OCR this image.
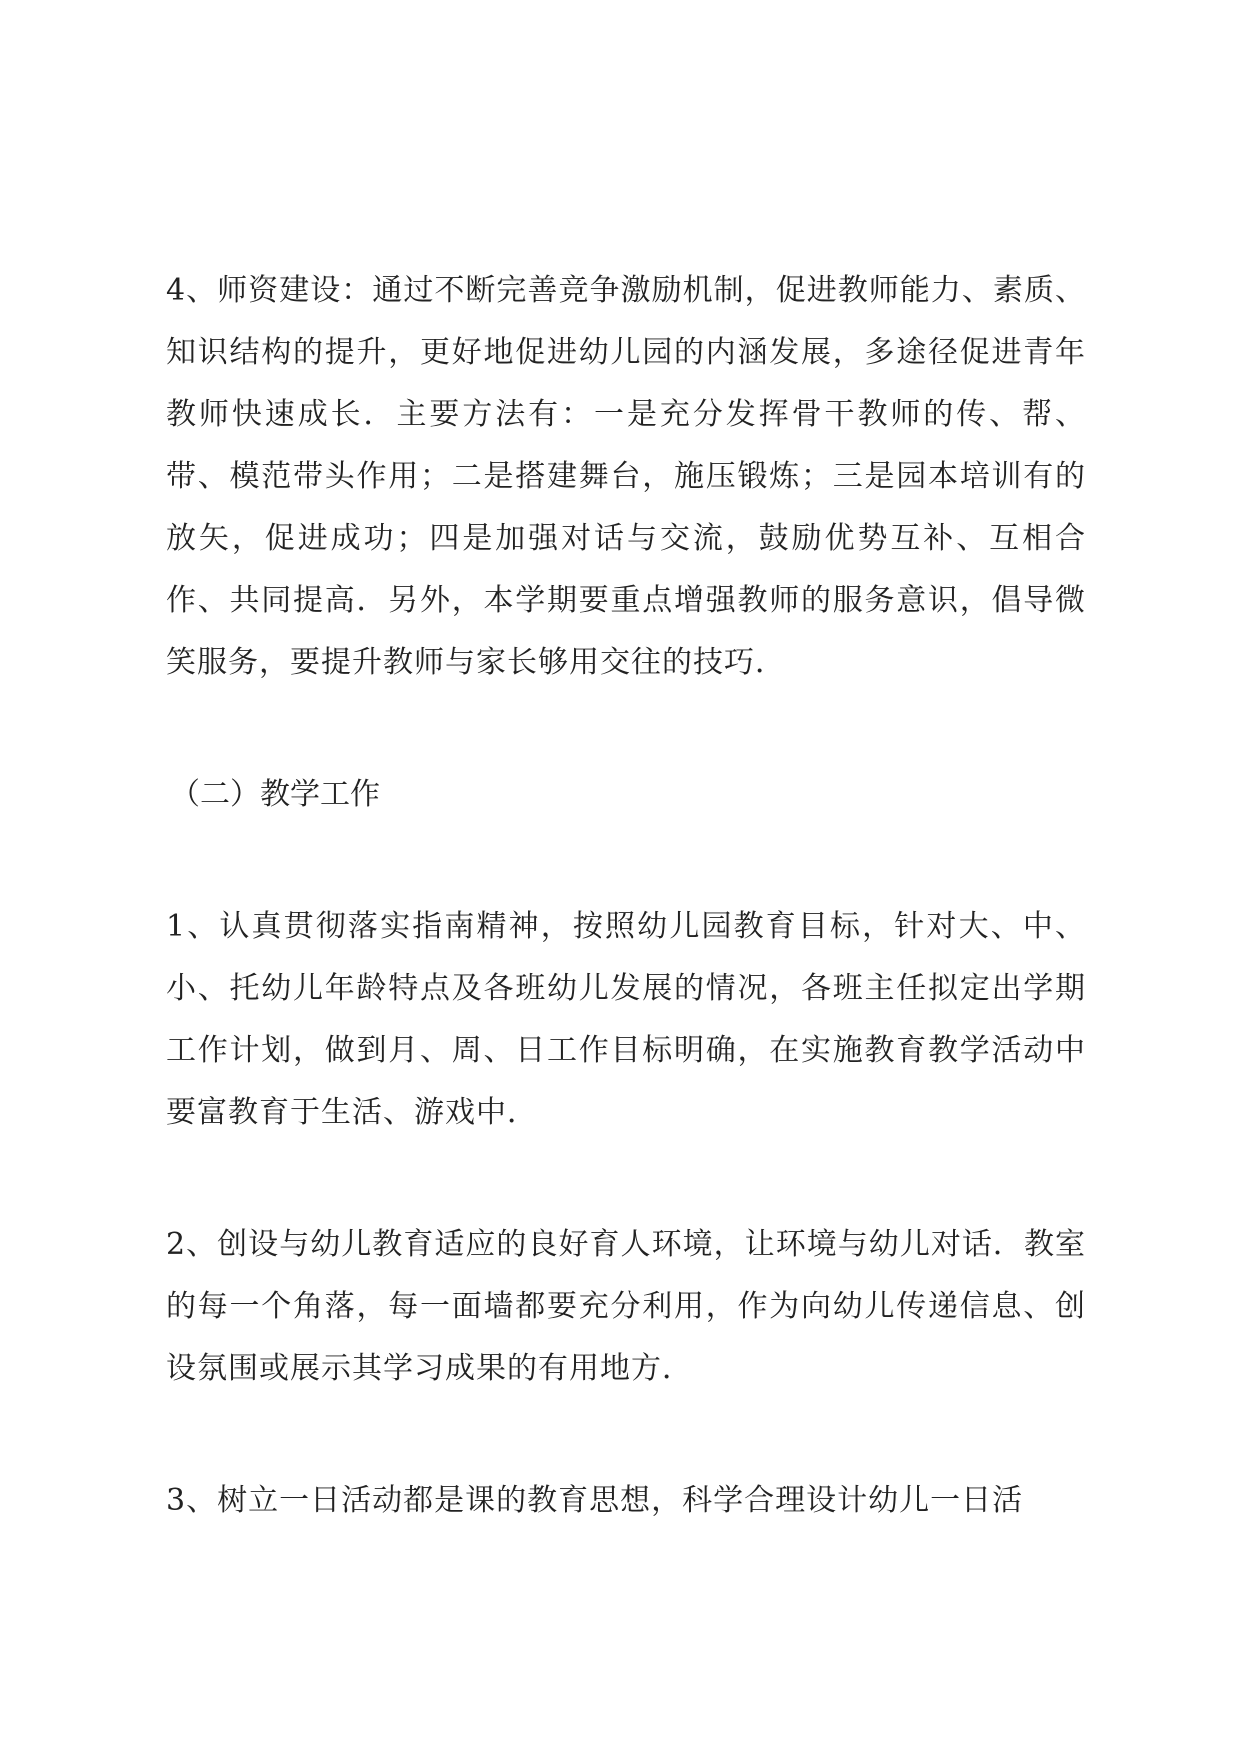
4、师资建设：通过不断完善竞争激励机制，促进教师能力、素质、知识结构的提升，更好地促进幼儿园的内涵发展，多途径促进青年教师快速成长．主要方法有：一是充分发挥骨干教师的传、帮、带、模范带头作用；二是搭建舞台，施压锻炼；三是园本培训有的放矢，促进成功；四是加强对话与交流，鼓励优势互补、互相合作、共同提高．另外，本学期要重点增强教师的服务意识，倡导微笑服务，要提升教师与家长够用交往的技巧．

（二）教学工作

1、认真贯彻落实指南精神，按照幼儿园教育目标，针对大、中、小、托幼儿年龄特点及各班幼儿发展的情况，各班主任拟定出学期工作计划，做到月、周、日工作目标明确，在实施教育教学活动中要富教育于生活、游戏中．

2、创设与幼儿教育适应的良好育人环境，让环境与幼儿对话．教室的每一个角落，每一面墙都要充分利用，作为向幼儿传递信息、创设氛围或展示其学习成果的有用地方．

3、树立一日活动都是课的教育思想，科学合理设计幼儿一日活
